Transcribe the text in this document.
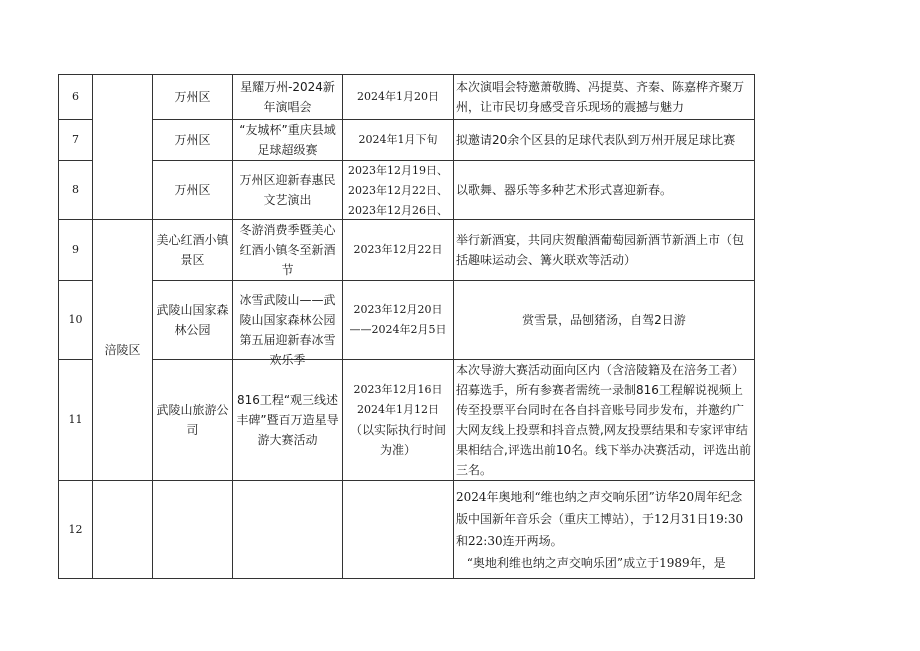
6		万州区	星耀万州-2024新年演唱会	2024年1月20日	本次演唱会特邀萧敬腾、冯提莫、齐秦、陈嘉桦齐聚万州，让市民切身感受音乐现场的震撼与魅力
7		万州区	“友城杯”重庆县域足球超级赛	2024年1月下旬	拟邀请20余个区县的足球代表队到万州开展足球比赛
8		万州区	万州区迎新春惠民文艺演出	2023年12月19日、
2023年12月22日、
2023年12月26日、	以歌舞、器乐等多种艺术形式喜迎新春。
9	涪陵区	美心红酒小镇景区	冬游消费季暨美心红酒小镇冬至新酒节	2023年12月22日	举行新酒宴，共同庆贺酿酒葡萄园新酒节新酒上市（包括趣味运动会、篝火联欢等活动）
10		武陵山国家森林公园	冰雪武陵山——武陵山国家森林公园第五届迎新春冰雪欢乐季	2023年12月20日
——2024年2月5日	赏雪景，品刨猪汤，自驾2日游
11		武陵山旅游公司	816工程“观三线述丰碑”暨百万造星导游大赛活动	2023年12月16日
2024年1月12日
（以实际执行时间为准）	本次导游大赛活动面向区内（含涪陵籍及在涪务工者）招募选手，所有参赛者需统一录制816工程解说视频上传至投票平台同时在各自抖音账号同步发布，并邀约广大网友线上投票和抖音点赞,网友投票结果和专家评审结果相结合,评选出前10名。线下举办决赛活动，评选出前三名。
12					2024年奥地利“维也纳之声交响乐团”访华20周年纪念版中国新年音乐会（重庆工博站），于12月31日19:30和22:30连开两场。

“奥地利维也纳之声交响乐团”成立于1989年，是
